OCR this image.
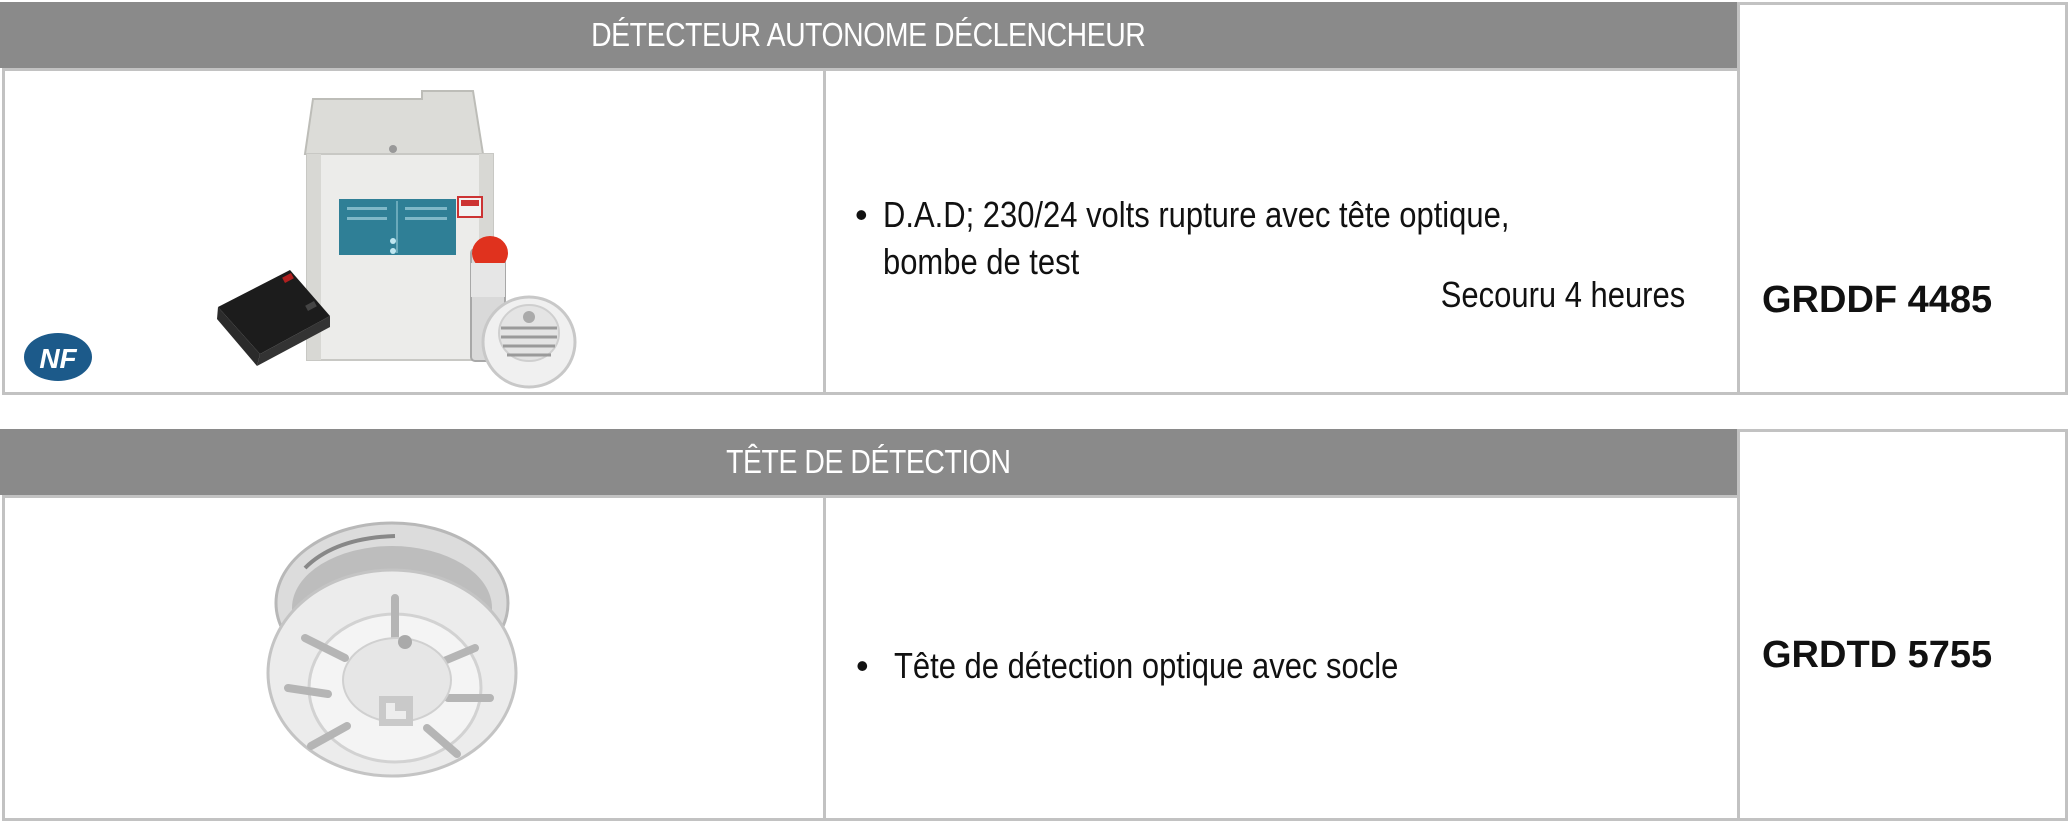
DÉTECTEUR AUTONOME DÉCLENCHEUR
NF
• D.A.D; 230/24 volts rupture avec tête optique,
bombe de test
Secouru 4 heures GRDDF 4485
TÊTE DE DÉTECTION
• Tête de détection optique avec socle	GRDTD 5755
